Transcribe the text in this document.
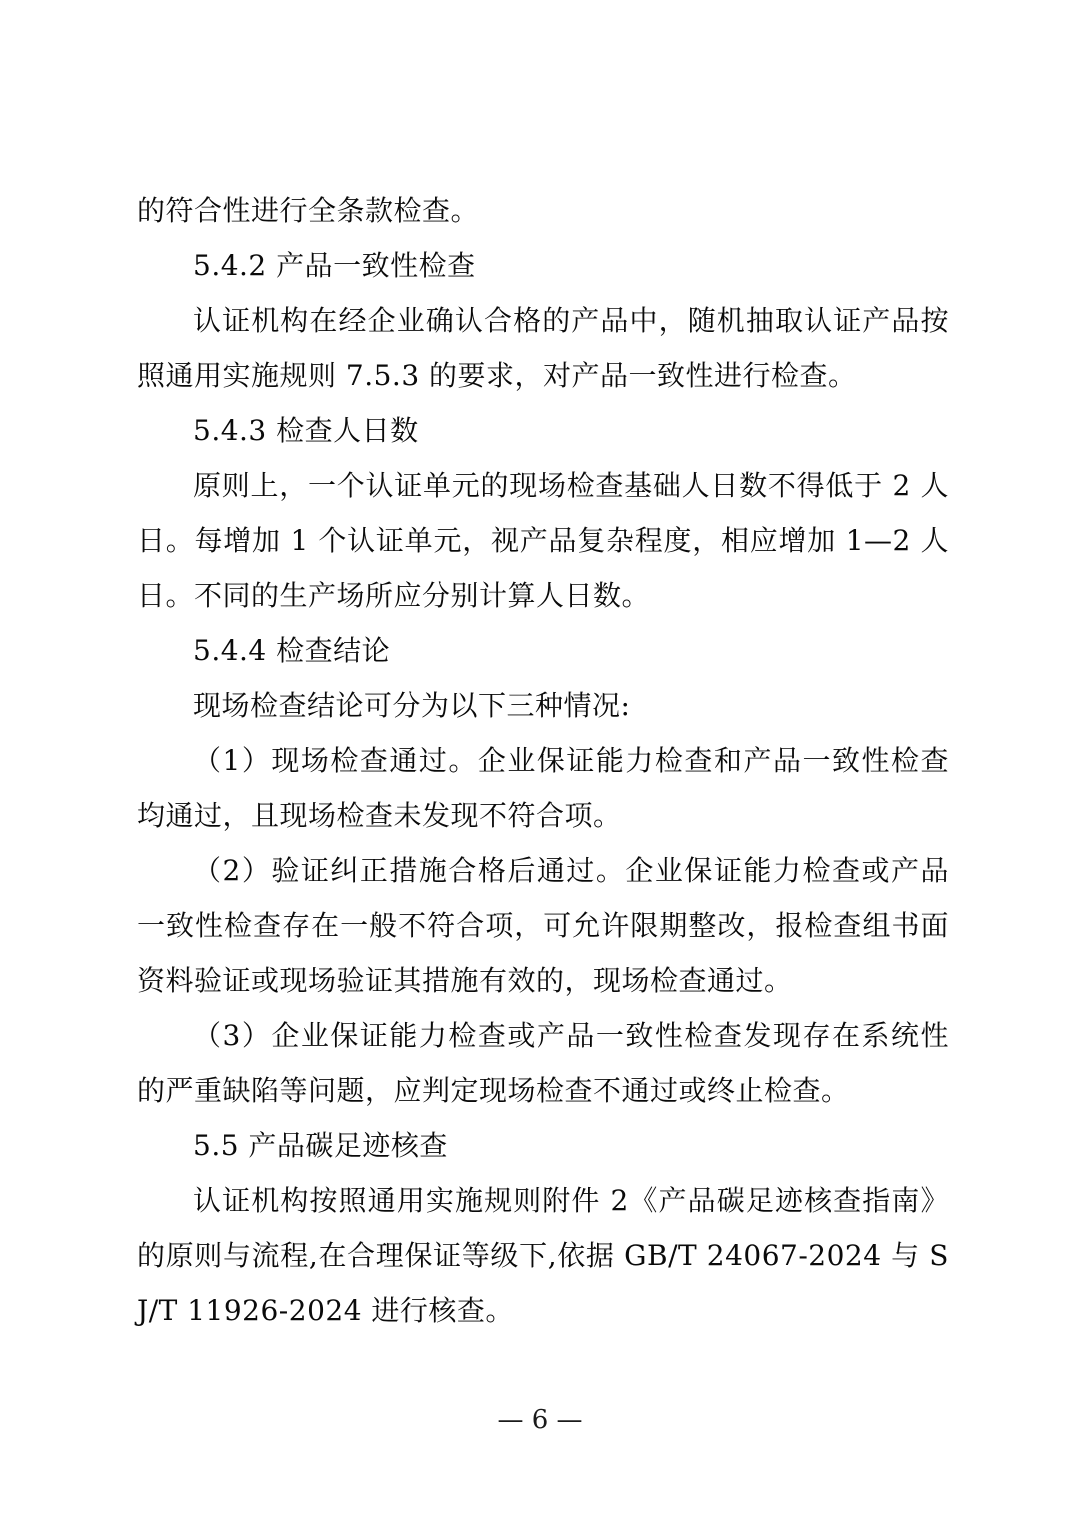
的符合性进行全条款检查。

5.4.2 产品一致性检查

认证机构在经企业确认合格的产品中，随机抽取认证产品按照通用实施规则 7.5.3 的要求，对产品一致性进行检查。

5.4.3 检查人日数

原则上，一个认证单元的现场检查基础人日数不得低于 2 人日。每增加 1 个认证单元，视产品复杂程度，相应增加 1—2 人日。不同的生产场所应分别计算人日数。

5.4.4 检查结论

现场检查结论可分为以下三种情况:

（1）现场检查通过。企业保证能力检查和产品一致性检查均通过，且现场检查未发现不符合项。

（2）验证纠正措施合格后通过。企业保证能力检查或产品一致性检查存在一般不符合项，可允许限期整改，报检查组书面资料验证或现场验证其措施有效的，现场检查通过。

（3）企业保证能力检查或产品一致性检查发现存在系统性的严重缺陷等问题，应判定现场检查不通过或终止检查。

5.5 产品碳足迹核查

认证机构按照通用实施规则附件 2《产品碳足迹核查指南》的原则与流程,在合理保证等级下,依据 GB/T 24067-2024 与 SJ/T 11926-2024 进行核查。

— 6 —
